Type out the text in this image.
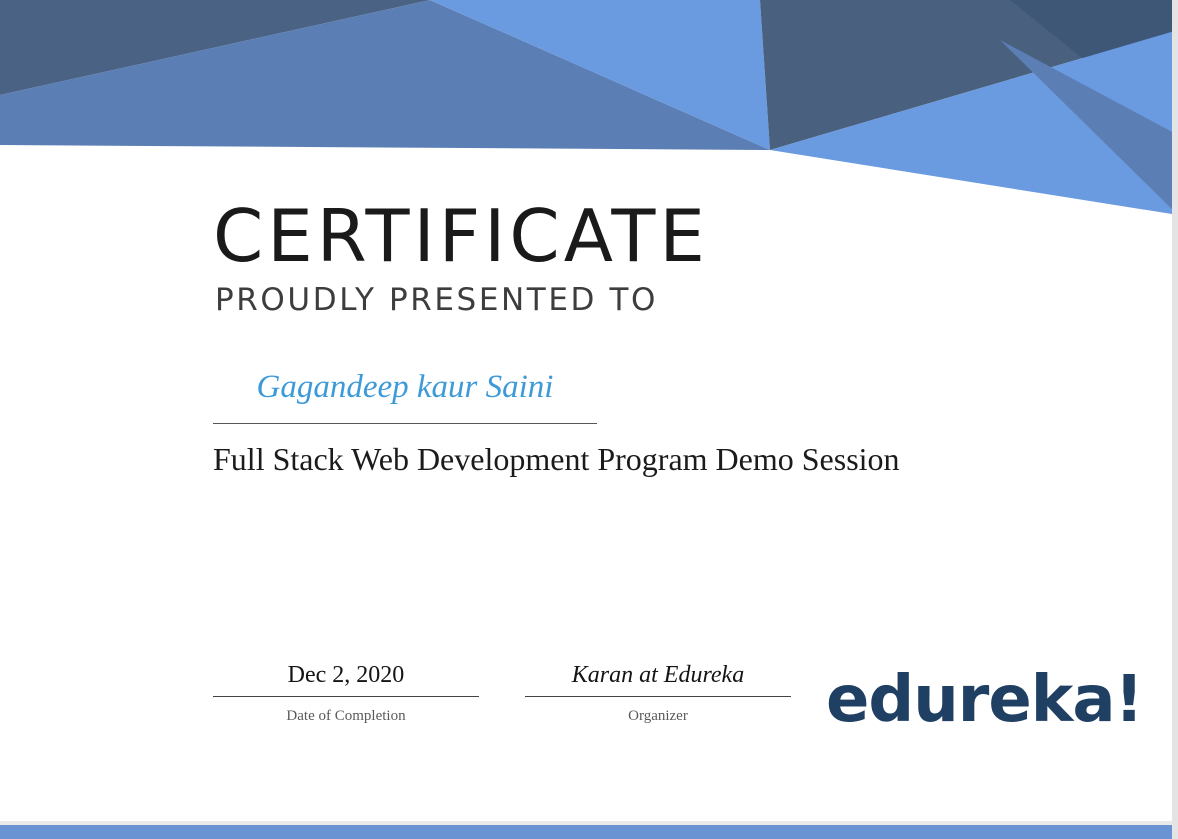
CERTIFICATE
PROUDLY PRESENTED TO
Gagandeep kaur Saini
Full Stack Web Development Program Demo Session
Dec 2, 2020
Date of Completion
Karan at Edureka
Organizer	edureka!
